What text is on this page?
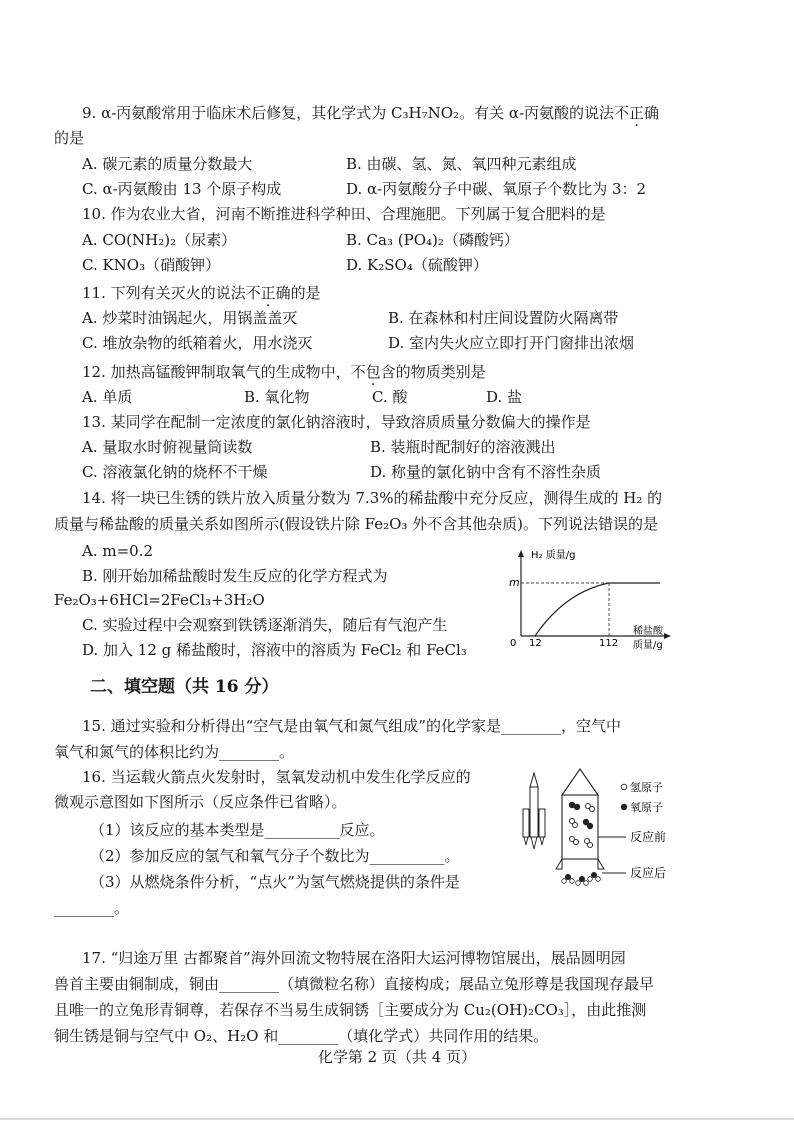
9. α-丙氨酸常用于临床术后修复，其化学式为 C₃H₇NO₂。有关 α-丙氨酸的说法不正确
的是
A. 碳元素的质量分数最大	B. 由碳、氢、氮、氧四种元素组成
C. α-丙氨酸由 13 个原子构成	D. α-丙氨酸分子中碳、氧原子个数比为 3：2
10. 作为农业大省，河南不断推进科学种田、合理施肥。下列属于复合肥料的是
A. CO(NH₂)₂（尿素）	B. Ca₃ (PO₄)₂（磷酸钙）
C. KNO₃（硝酸钾）	D. K₂SO₄（硫酸钾）
11. 下列有关灭火的说法不正确的是
A. 炒菜时油锅起火，用锅盖盖灭	B. 在森林和村庄间设置防火隔离带
C. 堆放杂物的纸箱着火，用水浇灭	D. 室内失火应立即打开门窗排出浓烟
12. 加热高锰酸钾制取氧气的生成物中，不包含的物质类别是
A. 单质	B. 氧化物	C. 酸	D. 盐
13. 某同学在配制一定浓度的氯化钠溶液时，导致溶质质量分数偏大的操作是
A. 量取水时俯视量筒读数	B. 装瓶时配制好的溶液溅出
C. 溶液氯化钠的烧杯不干燥	D. 称量的氯化钠中含有不溶性杂质
14. 将一块已生锈的铁片放入质量分数为 7.3%的稀盐酸中充分反应，测得生成的 H₂ 的
质量与稀盐酸的质量关系如图所示(假设铁片除 Fe₂O₃ 外不含其他杂质)。下列说法错误的是
A. m=0.2
B. 刚开始加稀盐酸时发生反应的化学方程式为
Fe₂O₃+6HCl=2FeCl₃+3H₂O
C. 实验过程中会观察到铁锈逐渐消失，随后有气泡产生
D. 加入 12 g 稀盐酸时，溶液中的溶质为 FeCl₂ 和 FeCl₃
H₂ 质量/g
m
0 12	112
稀盐酸
质量/g
二、填空题（共 16 分）
15. 通过实验和分析得出“空气是由氧气和氮气组成”的化学家是________，空气中
氧气和氮气的体积比约为________。
16. 当运载火箭点火发射时，氢氧发动机中发生化学反应的
微观示意图如下图所示（反应条件已省略）。
（1）该反应的基本类型是__________反应。
（2）参加反应的氢气和氧气分子个数比为__________。
（3）从燃烧条件分析，“点火”为氢气燃烧提供的条件是
________。
氢原子
氧原子
反应前
反应后
17. “归途万里 古都聚首”海外回流文物特展在洛阳大运河博物馆展出，展品圆明园
兽首主要由铜制成，铜由________（填微粒名称）直接构成；展品立兔形尊是我国现存最早
且唯一的立兔形青铜尊，若保存不当易生成铜锈［主要成分为 Cu₂(OH)₂CO₃］，由此推测
铜生锈是铜与空气中 O₂、H₂O 和________（填化学式）共同作用的结果。
化学第 2 页（共 4 页）
